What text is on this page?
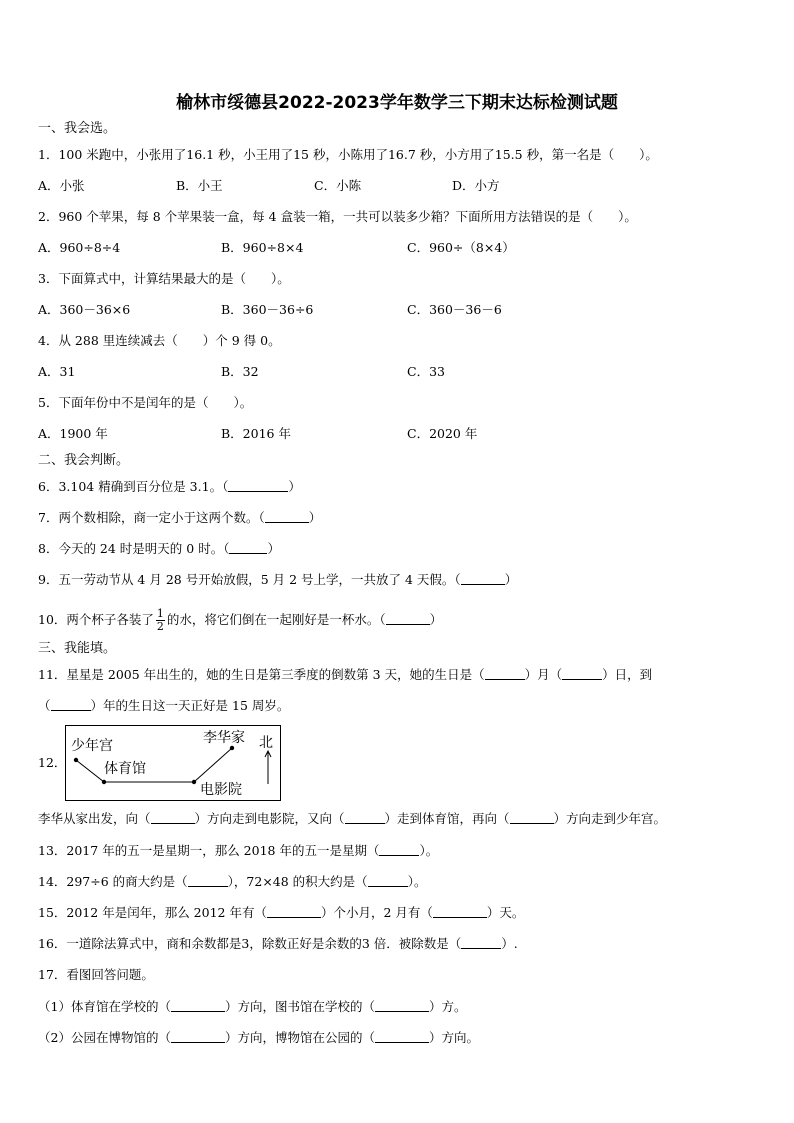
榆林市绥德县2022-2023学年数学三下期末达标检测试题
一、我会选。
1．100 米跑中，小张用了16.1 秒，小王用了15 秒，小陈用了16.7 秒，小方用了15.5 秒，第一名是（　　）。
A．小张	B．小王	C．小陈	D．小方
2．960 个苹果，每 8 个苹果装一盒，每 4 盒装一箱，一共可以装多少箱？下面所用方法错误的是（　　）。
A．960÷8÷4	B．960÷8×4	C．960÷（8×4）
3．下面算式中，计算结果最大的是（　　）。
A．360－36×6	B．360－36÷6	C．360－36－6
4．从 288 里连续减去（　　）个 9 得 0。
A．31	B．32	C．33
5．下面年份中不是闰年的是（　　）。
A．1900 年	B．2016 年	C．2020 年
二、我会判断。
6．3.104 精确到百分位是 3.1。（	）
7．两个数相除，商一定小于这两个数。（	）
8．今天的 24 时是明天的 0 时。（	）
9．五一劳动节从 4 月 28 号开始放假，5 月 2 号上学，一共放了 4 天假。（	）
10．两个杯子各装了 $\frac{1}{2}$ 的水，将它们倒在一起刚好是一杯水。（	）
三、我能填。
11．星星是 2005 年出生的，她的生日是第三季度的倒数第 3 天，她的生日是（	）月（	）日，到
（	）年的生日这一天正好是 15 周岁。
12．
少年宫
体育馆
李华家
电影院
北
李华从家出发，向（	）方向走到电影院，又向（	）走到体育馆，再向（	）方向走到少年宫。
13．2017 年的五一是星期一，那么 2018 年的五一是星期（	）。
14．297÷6 的商大约是（	），72×48 的积大约是（	）。
15．2012 年是闰年，那么 2012 年有（	）个小月，2 月有（	）天。
16．一道除法算式中，商和余数都是3，除数正好是余数的3 倍．被除数是（	）.
17．看图回答问题。
（1）体育馆在学校的（	）方向，图书馆在学校的（	）方。
（2）公园在博物馆的（	）方向，博物馆在公园的（	）方向。
